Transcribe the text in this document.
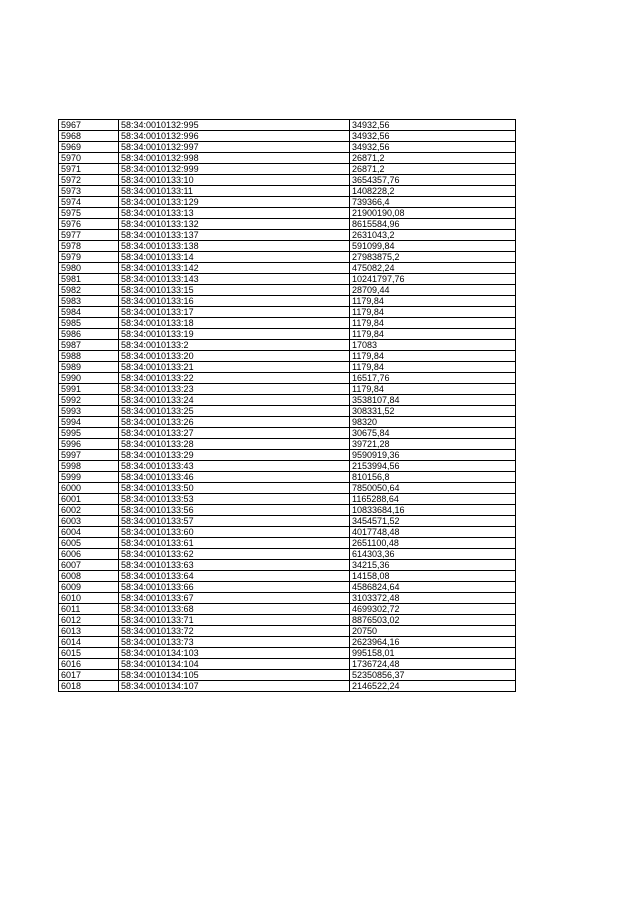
5967	58:34:0010132:995	34932,56
5968	58:34:0010132:996	34932,56
5969	58:34:0010132:997	34932,56
5970	58:34:0010132:998	26871,2
5971	58:34:0010132:999	26871,2
5972	58:34:0010133:10	3654357,76
5973	58:34:0010133:11	1408228,2
5974	58:34:0010133:129	739366,4
5975	58:34:0010133:13	21900190,08
5976	58:34:0010133:132	8615584,96
5977	58:34:0010133:137	2631043,2
5978	58:34:0010133:138	591099,84
5979	58:34:0010133:14	27983875,2
5980	58:34:0010133:142	475082,24
5981	58:34:0010133:143	10241797,76
5982	58:34:0010133:15	28709,44
5983	58:34:0010133:16	1179,84
5984	58:34:0010133:17	1179,84
5985	58:34:0010133:18	1179,84
5986	58:34:0010133:19	1179,84
5987	58:34:0010133:2	17083
5988	58:34:0010133:20	1179,84
5989	58:34:0010133:21	1179,84
5990	58:34:0010133:22	16517,76
5991	58:34:0010133:23	1179,84
5992	58:34:0010133:24	3538107,84
5993	58:34:0010133:25	308331,52
5994	58:34:0010133:26	98320
5995	58:34:0010133:27	30675,84
5996	58:34:0010133:28	39721,28
5997	58:34:0010133:29	9590919,36
5998	58:34:0010133:43	2153994,56
5999	58:34:0010133:46	810156,8
6000	58:34:0010133:50	7850050,64
6001	58:34:0010133:53	1165288,64
6002	58:34:0010133:56	10833684,16
6003	58:34:0010133:57	3454571,52
6004	58:34:0010133:60	4017748,48
6005	58:34:0010133:61	2651100,48
6006	58:34:0010133:62	614303,36
6007	58:34:0010133:63	34215,36
6008	58:34:0010133:64	14158,08
6009	58:34:0010133:66	4586824,64
6010	58:34:0010133:67	3103372,48
6011	58:34:0010133:68	4699302,72
6012	58:34:0010133:71	8876503,02
6013	58:34:0010133:72	20750
6014	58:34:0010133:73	2623964,16
6015	58:34:0010134:103	995158,01
6016	58:34:0010134:104	1736724,48
6017	58:34:0010134:105	52350856,37
6018	58:34:0010134:107	2146522,24
